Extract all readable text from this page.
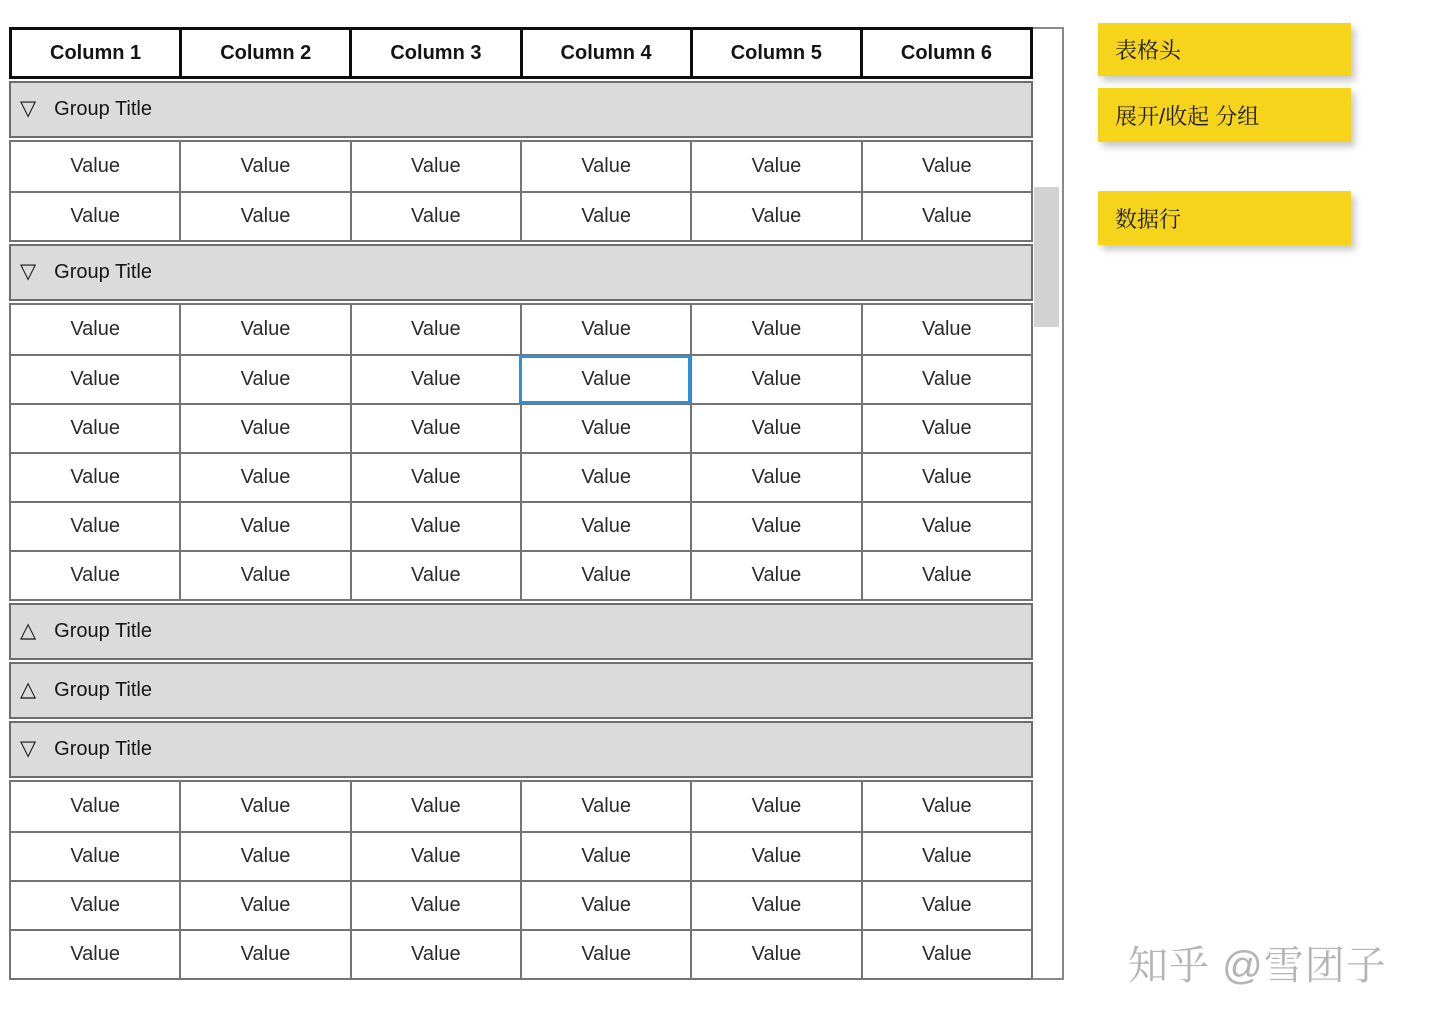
Column 1	Column 2	Column 3	Column 4	Column 5	Column 6
▽ Group Title
Value	Value	Value	Value	Value	Value
Value	Value	Value	Value	Value	Value
▽ Group Title
Value	Value	Value	Value	Value	Value
Value	Value	Value	Value	Value	Value
Value	Value	Value	Value	Value	Value
Value	Value	Value	Value	Value	Value
Value	Value	Value	Value	Value	Value
Value	Value	Value	Value	Value	Value
△ Group Title
△ Group Title
▽ Group Title
Value	Value	Value	Value	Value	Value
Value	Value	Value	Value	Value	Value
Value	Value	Value	Value	Value	Value
Value	Value	Value	Value	Value	Value
表格头
展开/收起 分组
数据行
知乎 @雪团子
